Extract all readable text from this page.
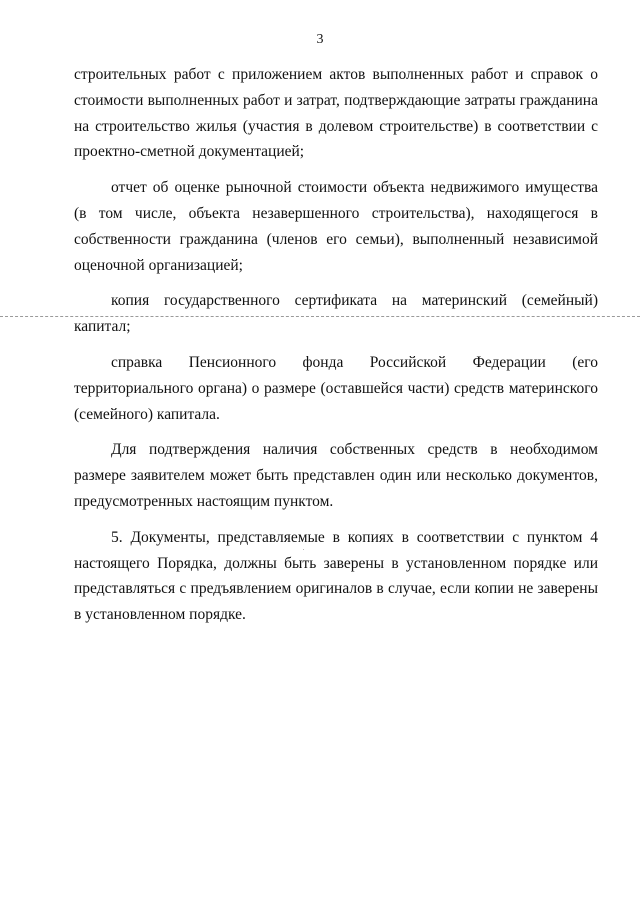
3

строительных работ с приложением актов выполненных работ и справок о стоимости выполненных работ и затрат, подтверждающие затраты гражданина на строительство жилья (участия в долевом строительстве) в соответствии с проектно-сметной документацией;

отчет об оценке рыночной стоимости объекта недвижимого имущества (в том числе, объекта незавершенного строительства), находящегося в собственности гражданина (членов его семьи), выполненный независимой оценочной организацией;

копия государственного сертификата на материнский (семейный) капитал;

справка Пенсионного фонда Российской Федерации (его территориального органа) о размере (оставшейся части) средств материнского (семейного) капитала.

Для подтверждения наличия собственных средств в необходимом размере заявителем может быть представлен один или несколько документов, предусмотренных настоящим пунктом.

5. Документы, представляемые в копиях в соответствии с пунктом 4 настоящего Порядка, должны быть заверены в установленном порядке или представляться с предъявлением оригиналов в случае, если копии не заверены в установленном порядке.
